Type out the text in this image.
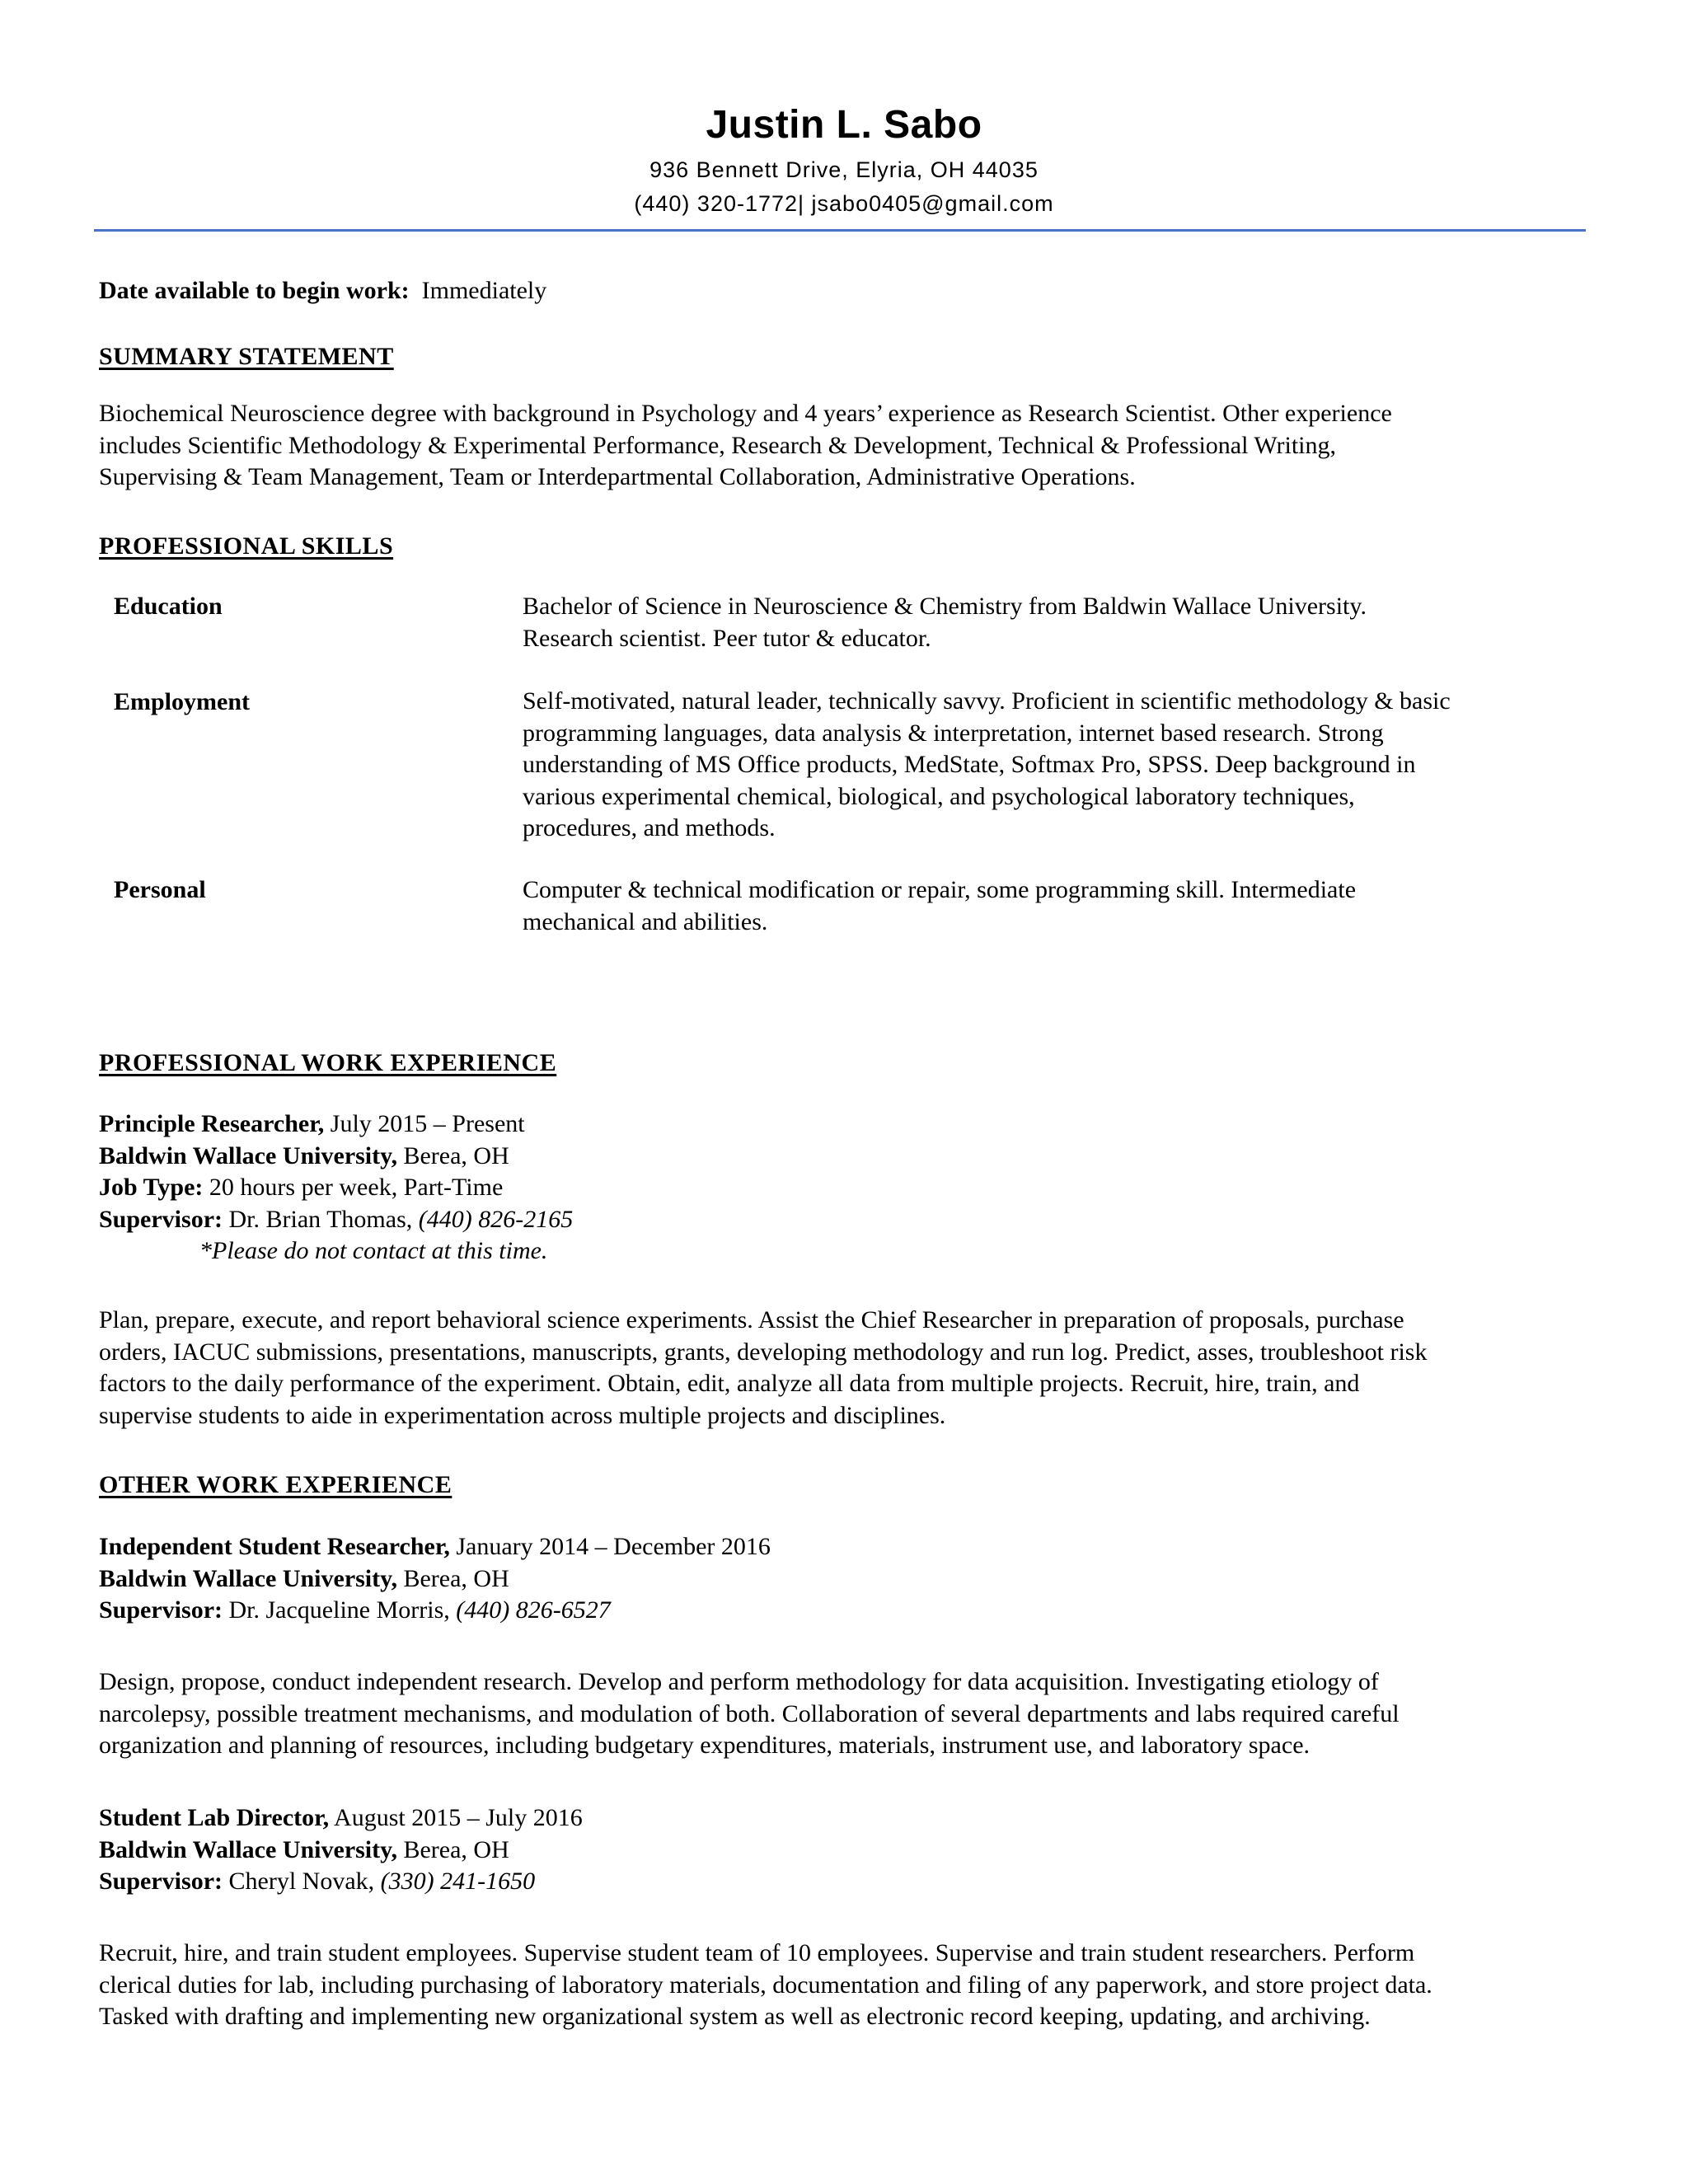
Justin L. Sabo
936 Bennett Drive, Elyria, OH 44035
(440) 320-1772| jsabo0405@gmail.com
Date available to begin work: Immediately
SUMMARY STATEMENT
Biochemical Neuroscience degree with background in Psychology and 4 years’ experience as Research Scientist. Other experience
includes Scientific Methodology & Experimental Performance, Research & Development, Technical & Professional Writing,
Supervising & Team Management, Team or Interdepartmental Collaboration, Administrative Operations.
PROFESSIONAL SKILLS
Education	Bachelor of Science in Neuroscience & Chemistry from Baldwin Wallace University.
Research scientist. Peer tutor & educator.
Employment	Self-motivated, natural leader, technically savvy. Proficient in scientific methodology & basic
programming languages, data analysis & interpretation, internet based research. Strong
understanding of MS Office products, MedState, Softmax Pro, SPSS. Deep background in
various experimental chemical, biological, and psychological laboratory techniques,
procedures, and methods.
Personal	Computer & technical modification or repair, some programming skill. Intermediate
mechanical and abilities.
PROFESSIONAL WORK EXPERIENCE
Principle Researcher, July 2015 – Present
Baldwin Wallace University, Berea, OH
Job Type: 20 hours per week, Part-Time
Supervisor: Dr. Brian Thomas, (440) 826-2165
*Please do not contact at this time.
Plan, prepare, execute, and report behavioral science experiments. Assist the Chief Researcher in preparation of proposals, purchase
orders, IACUC submissions, presentations, manuscripts, grants, developing methodology and run log. Predict, asses, troubleshoot risk
factors to the daily performance of the experiment. Obtain, edit, analyze all data from multiple projects. Recruit, hire, train, and
supervise students to aide in experimentation across multiple projects and disciplines.
OTHER WORK EXPERIENCE
Independent Student Researcher, January 2014 – December 2016
Baldwin Wallace University, Berea, OH
Supervisor: Dr. Jacqueline Morris, (440) 826-6527
Design, propose, conduct independent research. Develop and perform methodology for data acquisition. Investigating etiology of
narcolepsy, possible treatment mechanisms, and modulation of both. Collaboration of several departments and labs required careful
organization and planning of resources, including budgetary expenditures, materials, instrument use, and laboratory space.
Student Lab Director, August 2015 – July 2016
Baldwin Wallace University, Berea, OH
Supervisor: Cheryl Novak, (330) 241-1650
Recruit, hire, and train student employees. Supervise student team of 10 employees. Supervise and train student researchers. Perform
clerical duties for lab, including purchasing of laboratory materials, documentation and filing of any paperwork, and store project data.
Tasked with drafting and implementing new organizational system as well as electronic record keeping, updating, and archiving.
